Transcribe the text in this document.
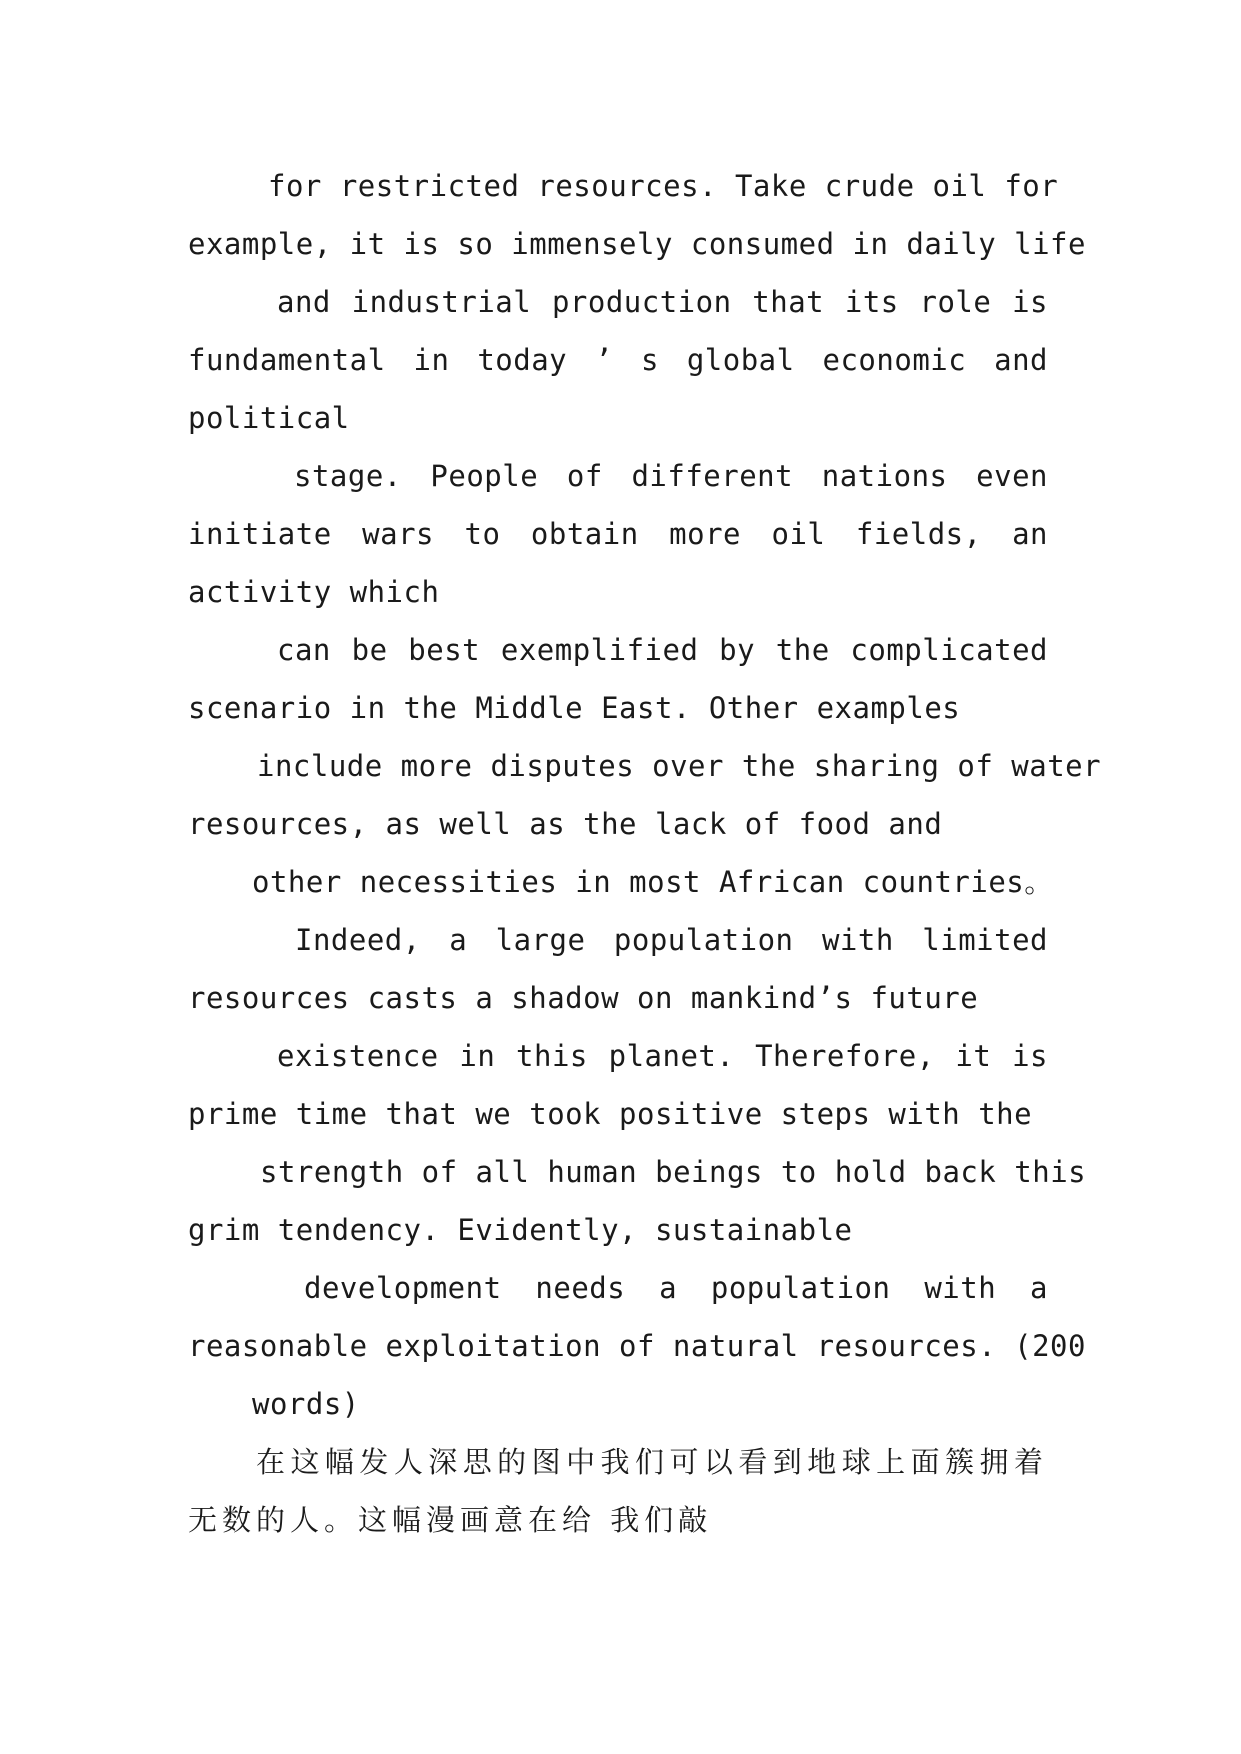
for restricted resources. Take crude oil for
example, it is so immensely consumed in daily life
and industrial production that its role is
fundamental in today ’ s global economic and
political
stage. People of different nations even
initiate wars to obtain more oil fields, an
activity which
can be best exemplified by the complicated
scenario in the Middle East. Other examples
include more disputes over the sharing of water
resources, as well as the lack of food and
other necessities in most African countries。
Indeed, a large population with limited
resources casts a shadow on mankind’s future
existence in this planet. Therefore, it is
prime time that we took positive steps with the
strength of all human beings to hold back this
grim tendency. Evidently, sustainable
development needs a population with a
reasonable exploitation of natural resources. (200
words)
在这幅发人深思的图中我们可以看到地球上面簇拥着
无数的人。这幅漫画意在给 我们敲
